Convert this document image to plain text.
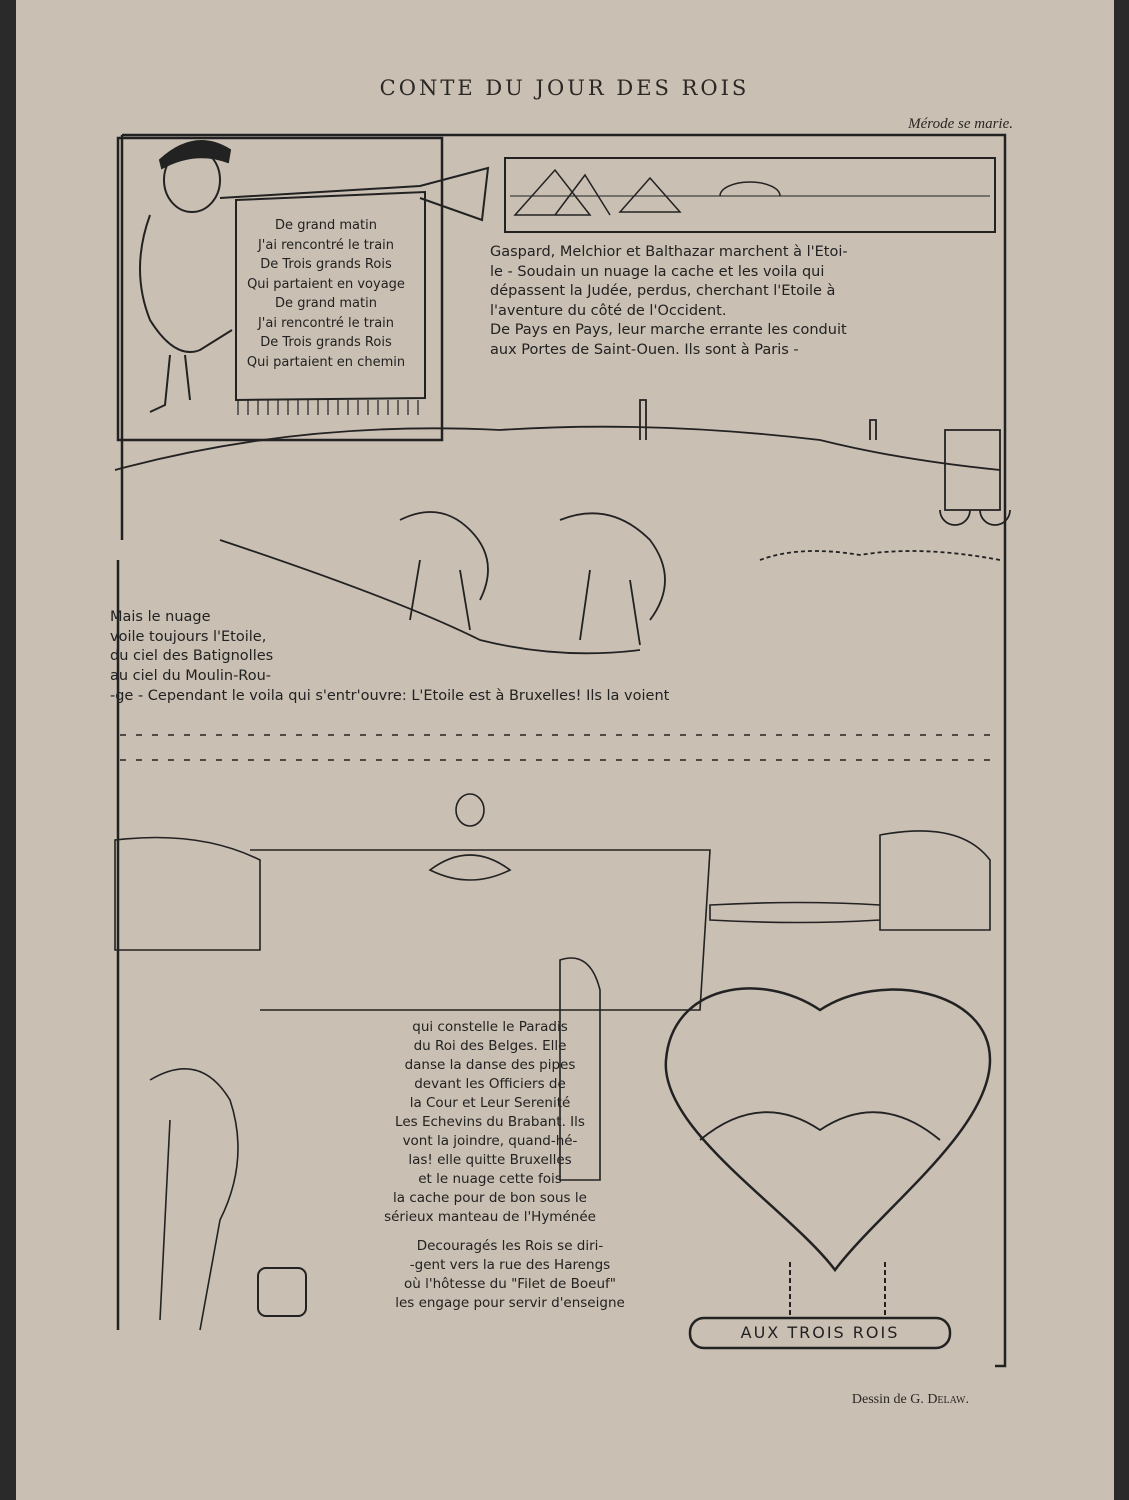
CONTE DU JOUR DES ROIS
Mérode se marie.

De grand matin
J'ai rencontré le train
De Trois grands Rois
Qui partaient en voyage
De grand matin
J'ai rencontré le train
De Trois grands Rois
Qui partaient en chemin

Gaspard, Melchior et Balthazar marchent à l'Etoi-
le - Soudain un nuage la cache et les voila qui
dépassent la Judée, perdus, cherchant l'Etoile à
l'aventure du côté de l'Occident.
De Pays en Pays, leur marche errante les conduit
aux Portes de Saint-Ouen. Ils sont à Paris -

Mais le nuage
voile toujours l'Etoile,
du ciel des Batignolles
au ciel du Moulin-Rou-

-ge - Cependant le voila qui s'entr'ouvre: L'Etoile est à Bruxelles! Ils la voient

qui constelle le Paradis
du Roi des Belges. Elle
danse la danse des pipes
devant les Officiers de
la Cour et Leur Serenité
Les Echevins du Brabant. Ils
vont la joindre, quand-hé-
las! elle quitte Bruxelles
et le nuage cette fois
la cache pour de bon sous le
sérieux manteau de l'Hyménée

Decouragés les Rois se diri-
-gent vers la rue des Harengs
où l'hôtesse du "Filet de Boeuf"
les engage pour servir d'enseigne

AUX TROIS ROIS
Dessin de G. Delaw.
